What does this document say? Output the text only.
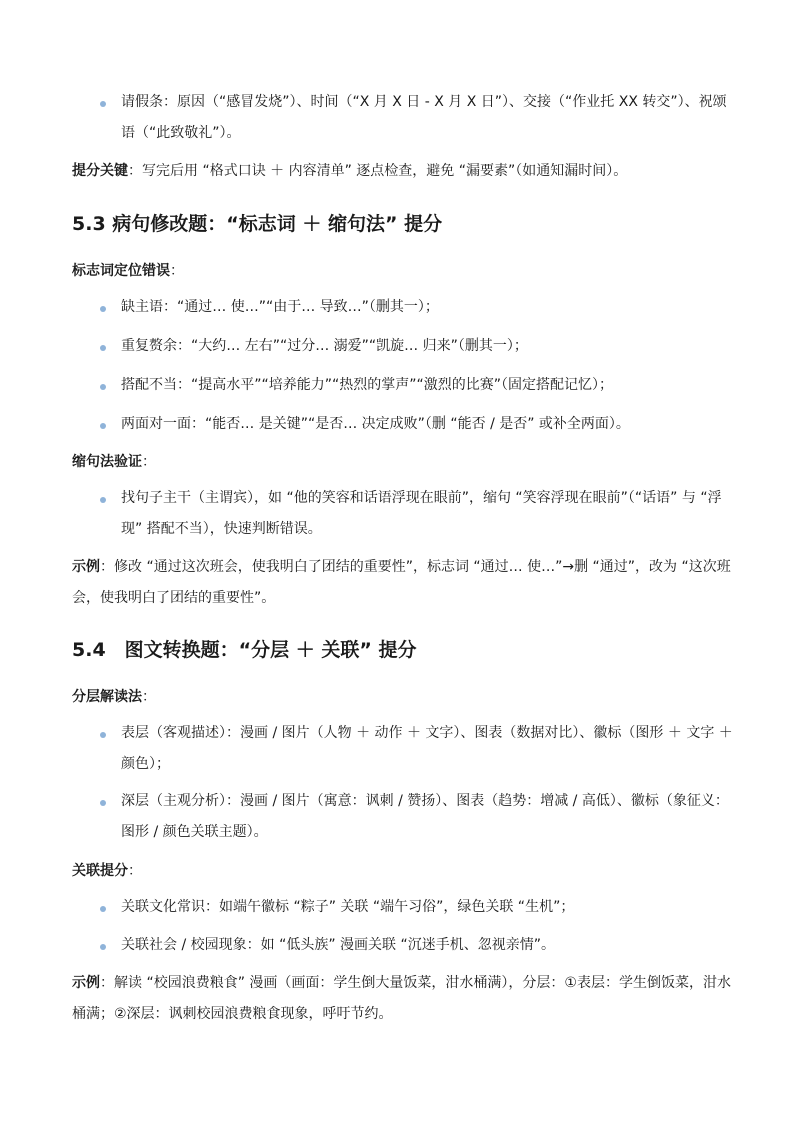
请假条：原因（“感冒发烧”）、时间（“X 月 X 日 - X 月 X 日”）、交接（“作业托 XX 转交”）、祝颂语（“此致敬礼”）。

提分关键：写完后用 “格式口诀 ＋ 内容清单” 逐点检查，避免 “漏要素”（如通知漏时间）。

5.3 病句修改题：“标志词 ＋ 缩句法” 提分

标志词定位错误：

缺主语：“通过… 使…”“由于… 导致…”（删其一）；

重复赘余：“大约… 左右”“过分… 溺爱”“凯旋… 归来”（删其一）；

搭配不当：“提高水平”“培养能力”“热烈的掌声”“激烈的比赛”（固定搭配记忆）；

两面对一面：“能否… 是关键”“是否… 决定成败”（删 “能否 / 是否” 或补全两面）。

缩句法验证：

找句子主干（主谓宾），如 “他的笑容和话语浮现在眼前”，缩句 “笑容浮现在眼前”（“话语” 与 “浮现” 搭配不当），快速判断错误。

示例：修改 “通过这次班会，使我明白了团结的重要性”，标志词 “通过… 使…”→删 “通过”，改为 “这次班会，使我明白了团结的重要性”。

5.4　图文转换题：“分层 ＋ 关联” 提分

分层解读法：

表层（客观描述）：漫画 / 图片（人物 ＋ 动作 ＋ 文字）、图表（数据对比）、徽标（图形 ＋ 文字 ＋ 颜色）；

深层（主观分析）：漫画 / 图片（寓意：讽刺 / 赞扬）、图表（趋势：增减 / 高低）、徽标（象征义：图形 / 颜色关联主题）。

关联提分：

关联文化常识：如端午徽标 “粽子” 关联 “端午习俗”，绿色关联 “生机”；

关联社会 / 校园现象：如 “低头族” 漫画关联 “沉迷手机、忽视亲情”。

示例：解读 “校园浪费粮食” 漫画（画面：学生倒大量饭菜，泔水桶满），分层：①表层：学生倒饭菜，泔水桶满；②深层：讽刺校园浪费粮食现象，呼吁节约。
